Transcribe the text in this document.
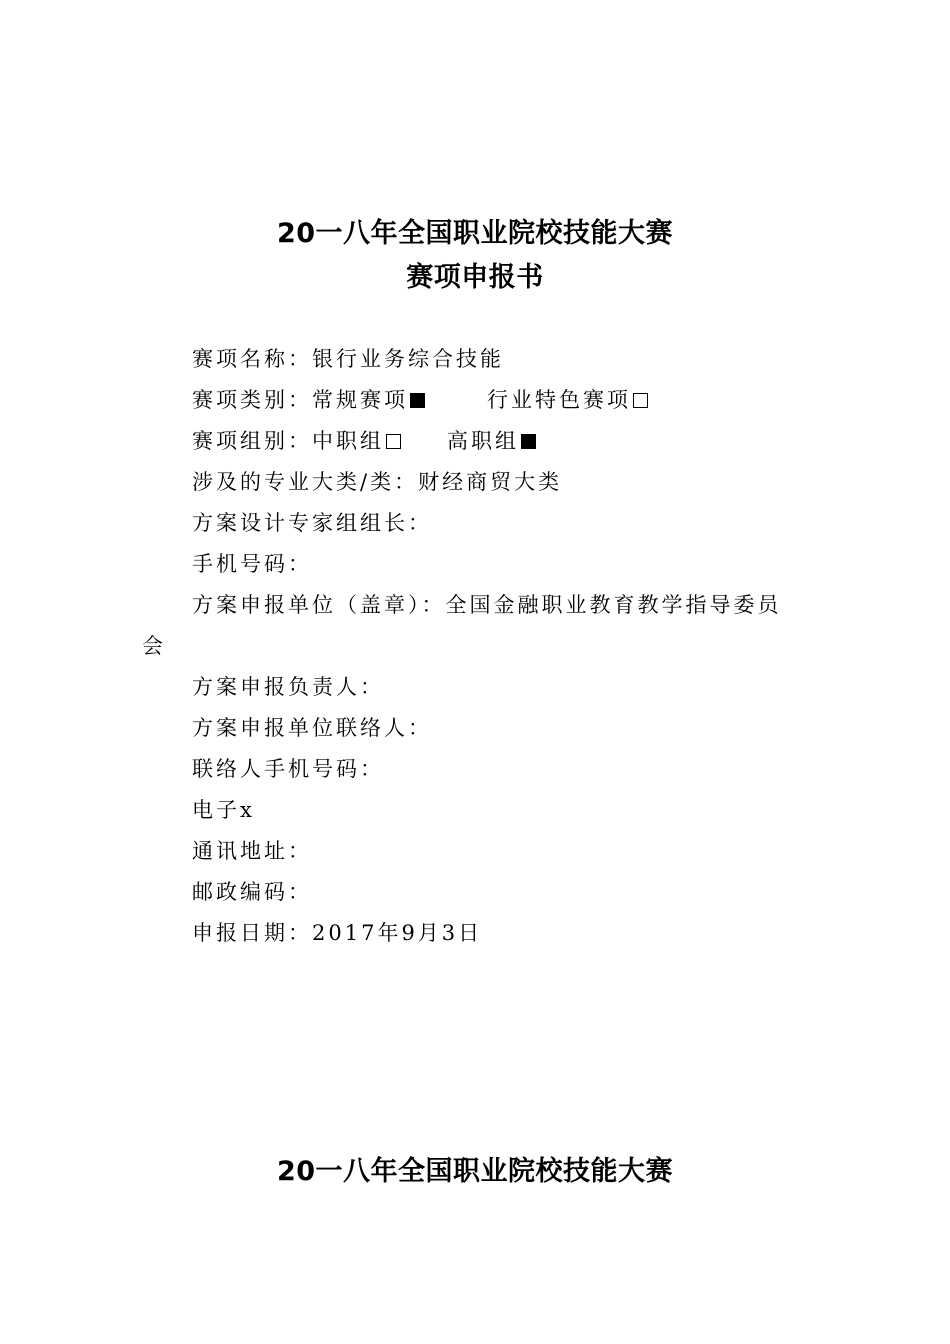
20一八年全国职业院校技能大赛
赛项申报书
赛项名称：银行业务综合技能
赛项类别：常规赛项	行业特色赛项
赛项组别：中职组	高职组
涉及的专业大类/类：财经商贸大类
方案设计专家组组长：
手机号码：
方案申报单位（盖章）：全国金融职业教育教学指导委员
会
方案申报负责人：
方案申报单位联络人：
联络人手机号码：
电子x
通讯地址：
邮政编码：
申报日期：2017年9月3日
20一八年全国职业院校技能大赛
